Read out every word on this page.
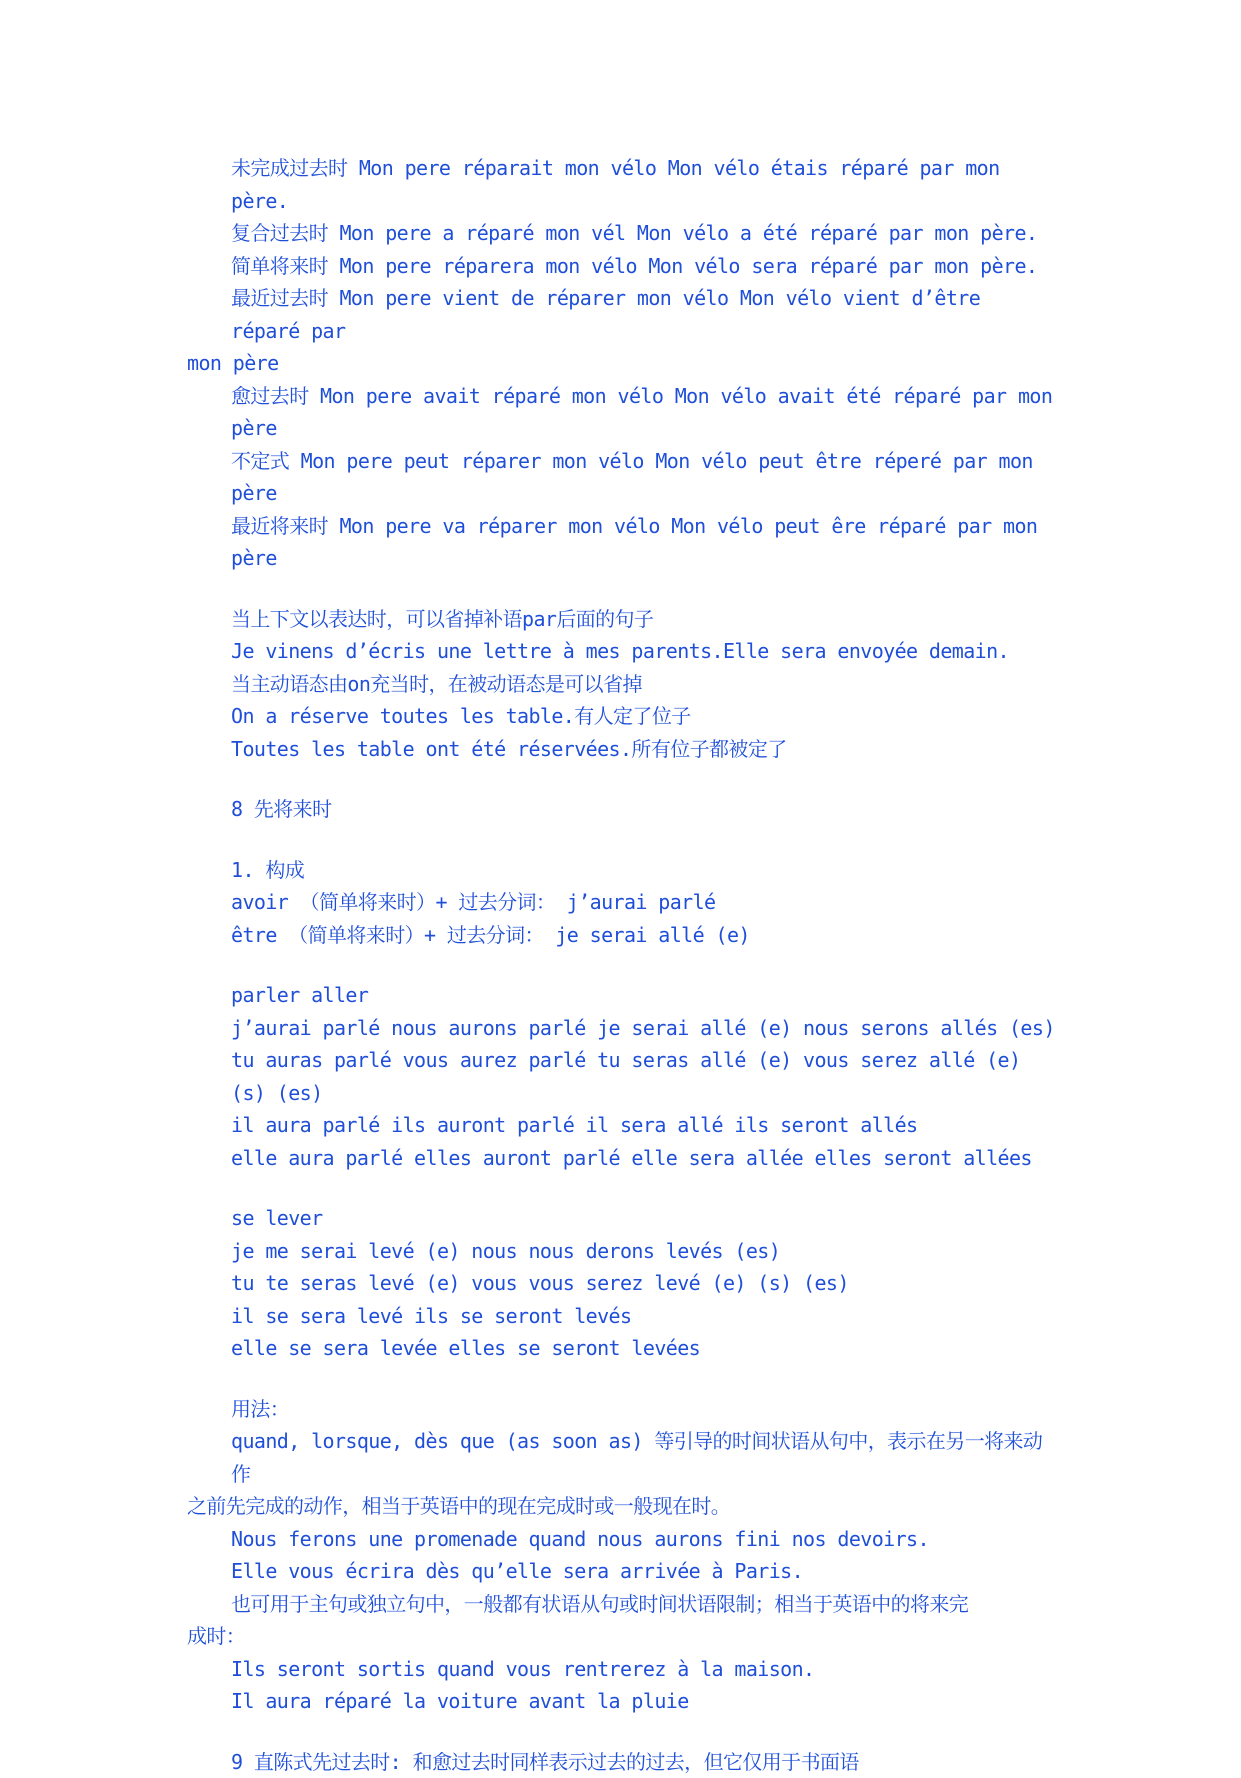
未完成过去时 Mon pere réparait mon vélo Mon vélo étais réparé par mon père.

复合过去时 Mon pere a réparé mon vél Mon vélo a été réparé par mon père.

简单将来时 Mon pere réparera mon vélo Mon vélo sera réparé par mon père.

最近过去时 Mon pere vient de réparer mon vélo Mon vélo vient d’être réparé par

mon père

愈过去时 Mon pere avait réparé mon vélo Mon vélo avait été réparé par mon père

不定式 Mon pere peut réparer mon vélo Mon vélo peut être réperé par mon père

最近将来时 Mon pere va réparer mon vélo Mon vélo peut êre réparé par mon père

当上下文以表达时，可以省掉补语par后面的句子

Je vinens d’écris une lettre à mes parents.Elle sera envoyée demain.

当主动语态由on充当时，在被动语态是可以省掉

On a réserve toutes les table.有人定了位子

Toutes les table ont été réservées.所有位子都被定了

8 先将来时

1. 构成

avoir （简单将来时）+ 过去分词： j’aurai parlé

être （简单将来时）+ 过去分词： je serai allé (e)

parler aller

j’aurai parlé nous aurons parlé je serai allé (e) nous serons allés (es)

tu auras parlé vous aurez parlé tu seras allé (e) vous serez allé (e) (s) (es)

il aura parlé ils auront parlé il sera allé ils seront allés

elle aura parlé elles auront parlé elle sera allée elles seront allées

se lever

je me serai levé (e) nous nous derons levés (es)

tu te seras levé (e) vous vous serez levé (e) (s) (es)

il se sera levé ils se seront levés

elle se sera levée elles se seront levées

用法：

quand, lorsque, dès que (as soon as) 等引导的时间状语从句中，表示在另一将来动作

之前先完成的动作，相当于英语中的现在完成时或一般现在时。

Nous ferons une promenade quand nous aurons fini nos devoirs.

Elle vous écrira dès qu’elle sera arrivée à Paris.

也可用于主句或独立句中，一般都有状语从句或时间状语限制；相当于英语中的将来完

成时：

Ils seront sortis quand vous rentrerez à la maison.

Il aura réparé la voiture avant la pluie

9 直陈式先过去时: 和愈过去时同样表示过去的过去，但它仅用于书面语
